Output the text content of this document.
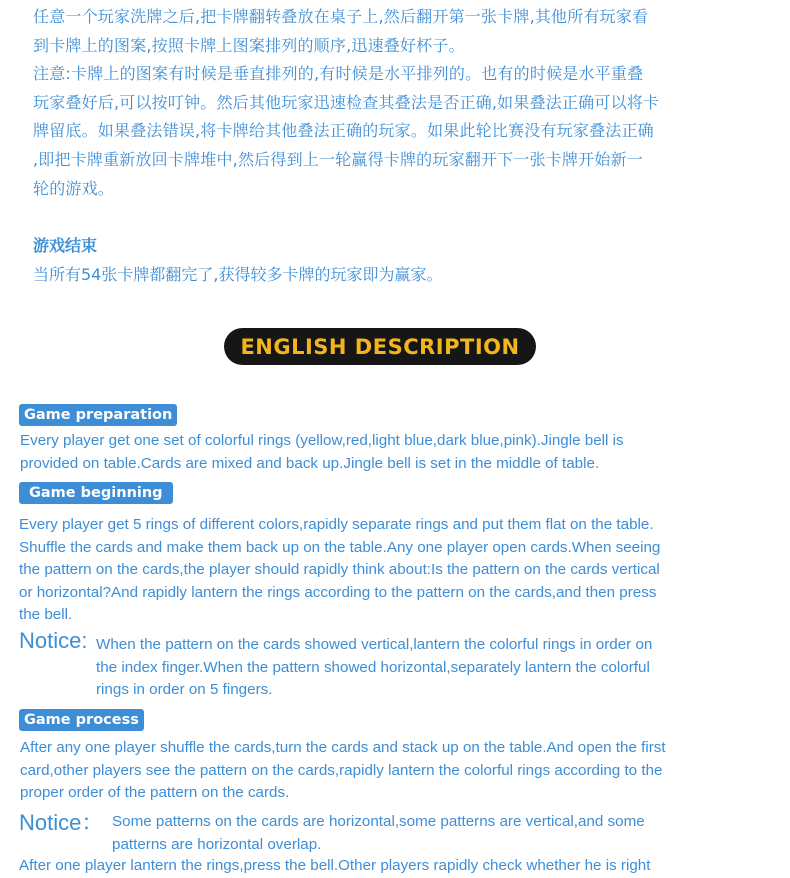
任意一个玩家洗牌之后,把卡牌翻转叠放在桌子上,然后翻开第一张卡牌,其他所有玩家看

到卡牌上的图案,按照卡牌上图案排列的顺序,迅速叠好杯子。

注意:卡牌上的图案有时候是垂直排列的,有时候是水平排列的。也有的时候是水平重叠

玩家叠好后,可以按叮钟。然后其他玩家迅速检查其叠法是否正确,如果叠法正确可以将卡

牌留底。如果叠法错误,将卡牌给其他叠法正确的玩家。如果此轮比赛没有玩家叠法正确

,即把卡牌重新放回卡牌堆中,然后得到上一轮赢得卡牌的玩家翻开下一张卡牌开始新一

轮的游戏。

游戏结束
当所有54张卡牌都翻完了,获得较多卡牌的玩家即为赢家。
ENGLISH DESCRIPTION
Game preparation

Every player get one set of colorful rings (yellow,red,light blue,dark blue,pink).Jingle bell is

provided on table.Cards are mixed and back up.Jingle bell is set in the middle of table.

Game beginning

Every player get 5 rings of different colors,rapidly separate rings and put them flat on the table.

Shuffle the cards and make them back up on the table.Any one player open cards.When seeing

the pattern on the cards,the player should rapidly think about:Is the pattern on the cards vertical

or horizontal?And rapidly lantern the rings according to the pattern on the cards,and then press

the bell.

Notice: When the pattern on the cards showed vertical,lantern the colorful rings in order on

the index finger.When the pattern showed horizontal,separately lantern the colorful

rings in order on 5 fingers.

Game process

After any one player shuffle the cards,turn the cards and stack up on the table.And open the first

card,other players see the pattern on the cards,rapidly lantern the colorful rings according to the

proper order of the pattern on the cards.

Notice： Some patterns on the cards are horizontal,some patterns are vertical,and some

patterns are horizontal overlap.

After one player lantern the rings,press the bell.Other players rapidly check whether he is right
